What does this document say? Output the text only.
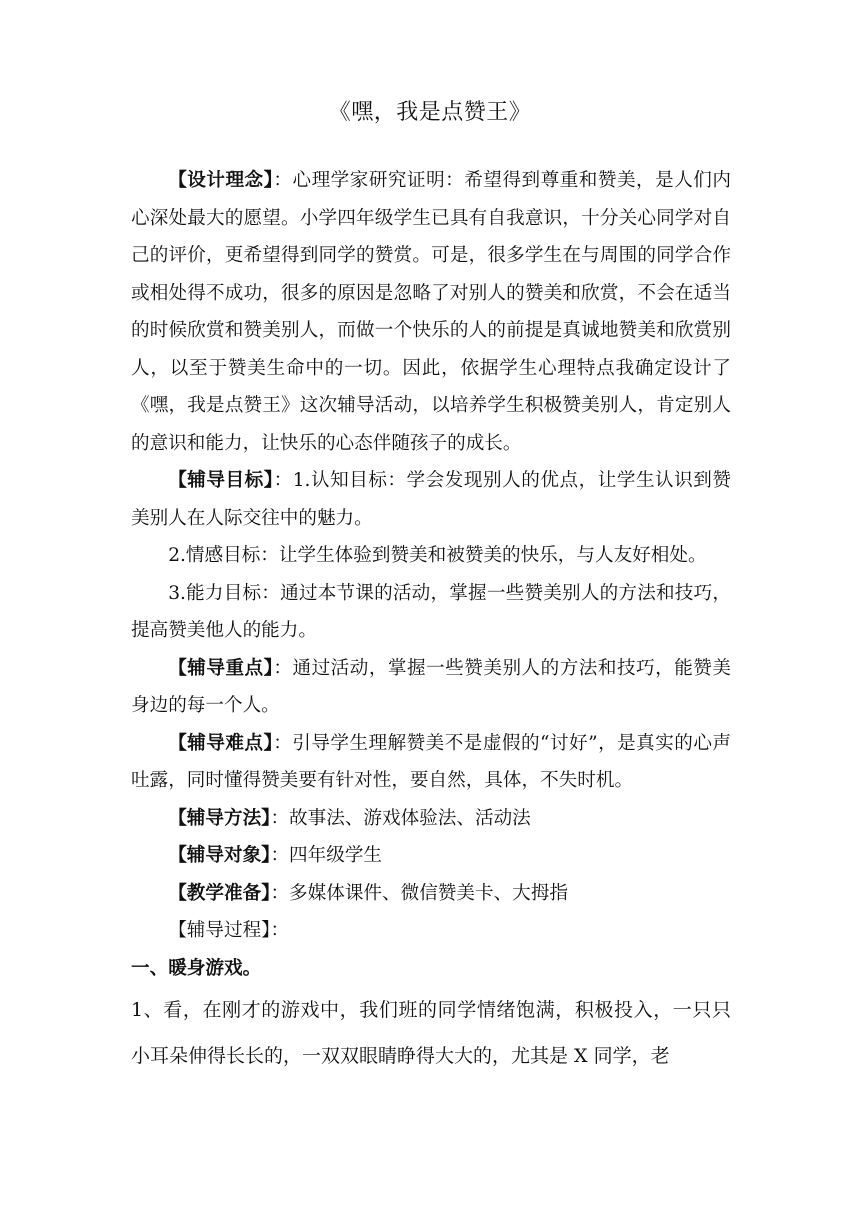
《嘿，我是点赞王》

【设计理念】：心理学家研究证明：希望得到尊重和赞美，是人们内心深处最大的愿望。小学四年级学生已具有自我意识，十分关心同学对自己的评价，更希望得到同学的赞赏。可是，很多学生在与周围的同学合作或相处得不成功，很多的原因是忽略了对别人的赞美和欣赏，不会在适当的时候欣赏和赞美别人，而做一个快乐的人的前提是真诚地赞美和欣赏别人，以至于赞美生命中的一切。因此，依据学生心理特点我确定设计了《嘿，我是点赞王》这次辅导活动，以培养学生积极赞美别人，肯定别人的意识和能力，让快乐的心态伴随孩子的成长。

【辅导目标】：1.认知目标：学会发现别人的优点，让学生认识到赞美别人在人际交往中的魅力。

2.情感目标：让学生体验到赞美和被赞美的快乐，与人友好相处。

3.能力目标：通过本节课的活动，掌握一些赞美别人的方法和技巧，提高赞美他人的能力。

【辅导重点】：通过活动，掌握一些赞美别人的方法和技巧，能赞美身边的每一个人。

【辅导难点】：引导学生理解赞美不是虚假的“讨好”，是真实的心声吐露，同时懂得赞美要有针对性，要自然，具体，不失时机。

【辅导方法】：故事法、游戏体验法、活动法

【辅导对象】：四年级学生

【教学准备】：多媒体课件、微信赞美卡、大拇指

【辅导过程】：

一、暖身游戏。

1、看，在刚才的游戏中，我们班的同学情绪饱满，积极投入，一只只小耳朵伸得长长的，一双双眼睛睁得大大的，尤其是 X 同学，老
